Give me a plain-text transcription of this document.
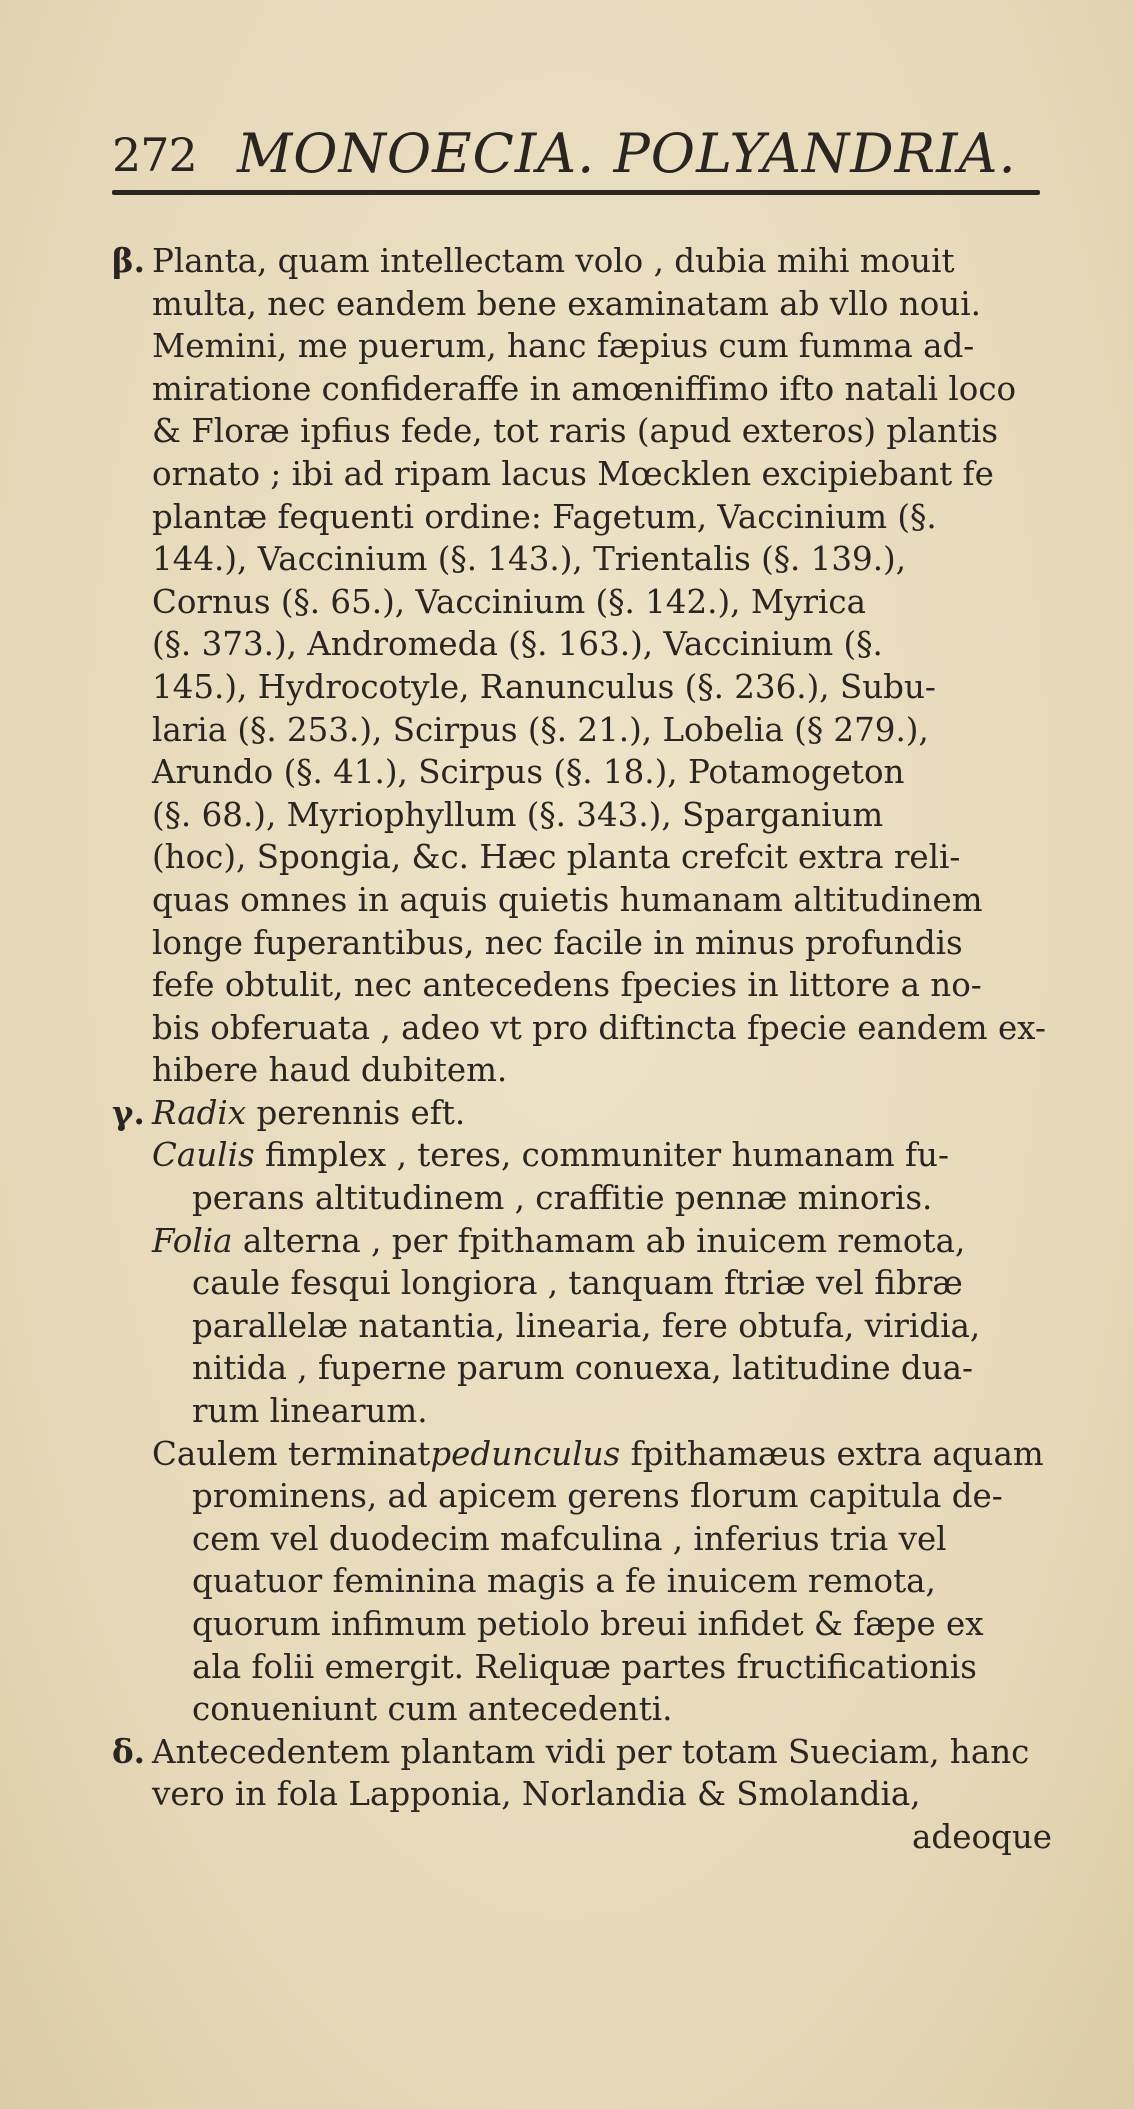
272 MONOECIA. POLYANDRIA.
β. Planta, quam intellectam volo , dubia mihi mouit
multa, nec eandem bene examinatam ab vllo noui.
Memini, me puerum, hanc fæpius cum fumma ad-
miratione confideraffe in amœniffimo ifto natali loco
& Floræ ipfius fede, tot raris (apud exteros) plantis
ornato ; ibi ad ripam lacus Mœcklen excipiebant fe
plantæ fequenti ordine: Fagetum, Vaccinium (§.
144.), Vaccinium (§. 143.), Trientalis (§. 139.),
Cornus (§. 65.), Vaccinium (§. 142.), Myrica
(§. 373.), Andromeda (§. 163.), Vaccinium (§.
145.), Hydrocotyle, Ranunculus (§. 236.), Subu-
laria (§. 253.), Scirpus (§. 21.), Lobelia (§ 279.),
Arundo (§. 41.), Scirpus (§. 18.), Potamogeton
(§. 68.), Myriophyllum (§. 343.), Sparganium
(hoc), Spongia, &c. Hæc planta crefcit extra reli-
quas omnes in aquis quietis humanam altitudinem
longe fuperantibus, nec facile in minus profundis
fefe obtulit, nec antecedens fpecies in littore a no-
bis obferuata , adeo vt pro diftincta fpecie eandem ex-
hibere haud dubitem.
γ. Radix perennis eft.
Caulis fimplex , teres, communiter humanam fu-
perans altitudinem , craffitie pennæ minoris.
Folia alterna , per fpithamam ab inuicem remota,
caule fesqui longiora , tanquam ftriæ vel fibræ
parallelæ natantia, linearia, fere obtufa, viridia,
nitida , fuperne parum conuexa, latitudine dua-
rum linearum.
Caulem terminatpedunculus fpithamæus extra aquam
prominens, ad apicem gerens florum capitula de-
cem vel duodecim mafculina , inferius tria vel
quatuor feminina magis a fe inuicem remota,
quorum infimum petiolo breui infidet & fæpe ex
ala folii emergit. Reliquæ partes fructificationis
conueniunt cum antecedenti.
δ. Antecedentem plantam vidi per totam Sueciam, hanc
vero in fola Lapponia, Norlandia & Smolandia,
adeoque
